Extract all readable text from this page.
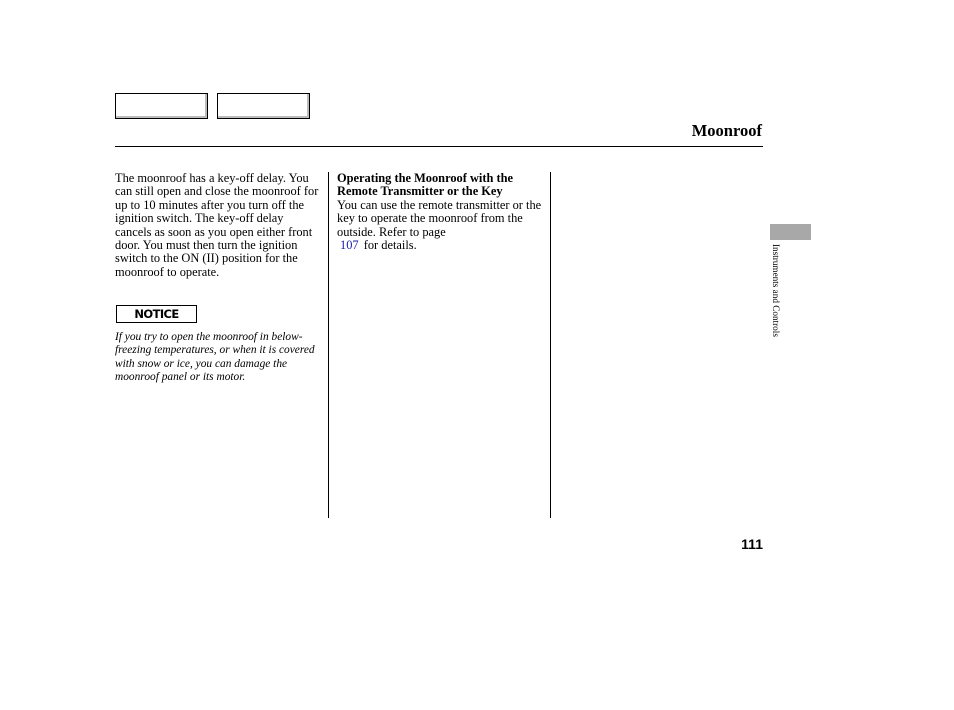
Moonroof
The moonroof has a key-off delay. You can still open and close the moonroof for up to 10 minutes after you turn off the ignition switch. The key-off delay cancels as soon as you open either front door. You must then turn the ignition switch to the ON (II) position for the moonroof to operate.
NOTICE
If you try to open the moonroof in below-freezing temperatures, or when it is covered with snow or ice, you can damage the moonroof panel or its motor.
Operating the Moonroof with the Remote Transmitter or the Key
You can use the remote transmitter or the key to operate the moonroof from the outside. Refer to page
107 for details.	Instruments and Controls
111
